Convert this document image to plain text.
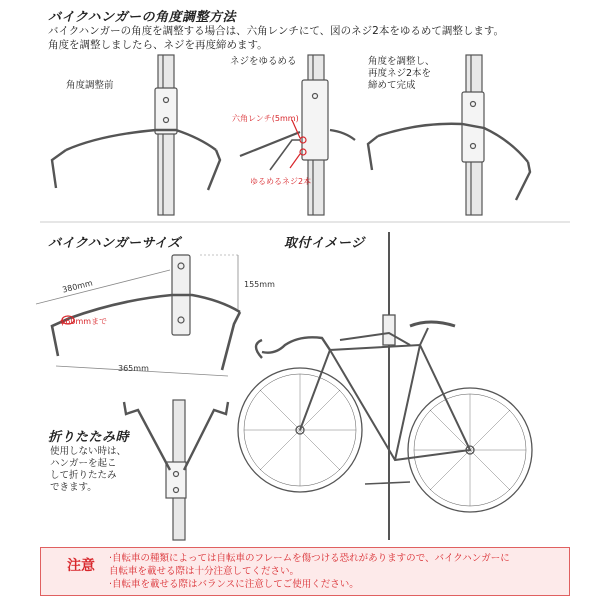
バイクハンガーの角度調整方法
バイクハンガーの角度を調整する場合は、六角レンチにて、図のネジ2本をゆるめて調整します。
角度を調整しましたら、ネジを再度締めます。
角度調整前
ネジをゆるめる
六角レンチ(5mm)
ゆるめるネジ2本
角度を調整し、
再度ネジ2本を
締めて完成
バイクハンガーサイズ
155mm
380mm
φ60mmまで
365mm
取付イメージ
折りたたみ時
使用しない時は、
ハンガーを起こ
して折りたたみ
できます。
注意 ·自転車の種類によっては自転車のフレームを傷つける恐れがありますので、バイクハンガーに
自転車を載せる際は十分注意してください。
·自転車を載せる際はバランスに注意してご使用ください。
